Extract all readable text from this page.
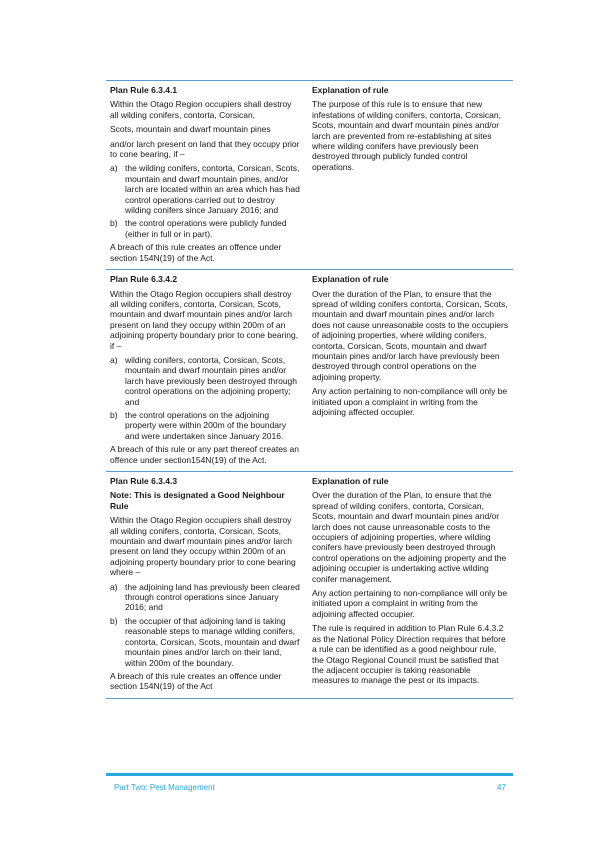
Plan Rule 6.3.4.1

Within the Otago Region occupiers shall destroy all wilding conifers, contorta, Corsican,

Scots, mountain and dwarf mountain pines

and/or larch present on land that they occupy prior to cone bearing, if –

a) the wilding conifers, contorta, Corsican, Scots, mountain and dwarf mountain pines, and/or larch are located within an area which has had control operations carried out to destroy wilding conifers since January 2016; and
b) the control operations were publicly funded (either in full or in part).

A breach of this rule creates an offence under section 154N(19) of the Act.

Explanation of rule

The purpose of this rule is to ensure that new infestations of wilding conifers, contorta, Corsican, Scots, mountain and dwarf mountain pines and/or larch are prevented from re-establishing at sites where wilding conifers have previously been destroyed through publicly funded control operations.

Plan Rule 6.3.4.2

Within the Otago Region occupiers shall destroy all wilding conifers, contorta, Corsican, Scots, mountain and dwarf mountain pines and/or larch present on land they occupy within 200m of an adjoining property boundary prior to cone bearing, if –

a) wilding conifers, contorta, Corsican, Scots, mountain and dwarf mountain pines and/or larch have previously been destroyed through control operations on the adjoining property; and
b) the control operations on the adjoining property were within 200m of the boundary and were undertaken since January 2016.

A breach of this rule or any part thereof creates an offence under section154N(19) of the Act.

Explanation of rule

Over the duration of the Plan, to ensure that the spread of wilding conifers contorta, Corsican, Scots, mountain and dwarf mountain pines and/or larch does not cause unreasonable costs to the occupiers of adjoining properties, where wilding conifers, contorta, Corsican, Scots, mountain and dwarf mountain pines and/or larch have previously been destroyed through control operations on the adjoining property.

Any action pertaining to non-compliance will only be initiated upon a complaint in writing from the adjoining affected occupier.

Plan Rule 6.3.4.3

Note: This is designated a Good Neighbour Rule

Within the Otago Region occupiers shall destroy all wilding conifers, contorta, Corsican, Scots, mountain and dwarf mountain pines and/or larch present on land they occupy within 200m of an adjoining property boundary prior to cone bearing where –

a) the adjoining land has previously been cleared through control operations since January 2016; and
b) the occupier of that adjoining land is taking reasonable steps to manage wilding conifers, contorta, Corsican, Scots, mountain and dwarf mountain pines and/or larch on their land, within 200m of the boundary.

A breach of this rule creates an offence under section 154N(19) of the Act

Explanation of rule

Over the duration of the Plan, to ensure that the spread of wilding conifers, contorta, Corsican, Scots, mountain and dwarf mountain pines and/or larch does not cause unreasonable costs to the occupiers of adjoining properties, where wilding conifers have previously been destroyed through control operations on the adjoining property and the adjoining occupier is undertaking active wilding conifer management.

Any action pertaining to non-compliance will only be initiated upon a complaint in writing from the adjoining affected occupier.

The rule is required in addition to Plan Rule 6.4.3.2 as the National Policy Direction requires that before a rule can be identified as a good neighbour rule, the Otago Regional Council must be satisfied that the adjacent occupier is taking reasonable measures to manage the pest or its impacts.

Part Two: Pest Management	47
